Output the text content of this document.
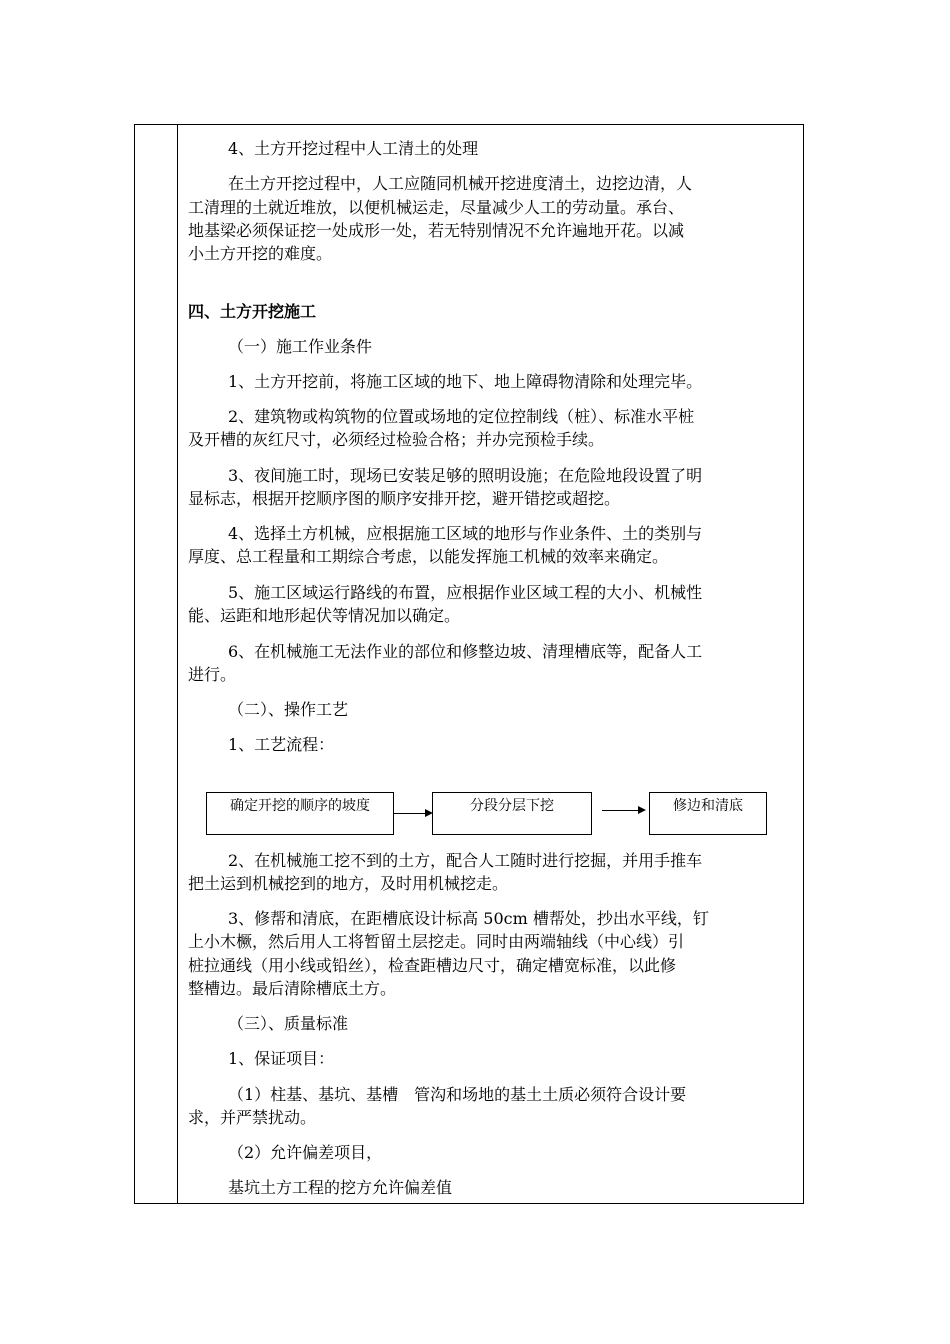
4、土方开挖过程中人工清土的处理
在土方开挖过程中，人工应随同机械开挖进度清土，边挖边清，人
工清理的土就近堆放，以便机械运走，尽量减少人工的劳动量。承台、
地基梁必须保证挖一处成形一处，若无特别情况不允许遍地开花。以减
小土方开挖的难度。
四、土方开挖施工
（一）施工作业条件
1、土方开挖前，将施工区域的地下、地上障碍物清除和处理完毕。
2、建筑物或构筑物的位置或场地的定位控制线（桩）、标准水平桩
及开槽的灰红尺寸，必须经过检验合格；并办完预检手续。
3、夜间施工时，现场已安装足够的照明设施；在危险地段设置了明
显标志，根据开挖顺序图的顺序安排开挖，避开错挖或超挖。
4、选择土方机械，应根据施工区域的地形与作业条件、土的类别与
厚度、总工程量和工期综合考虑，以能发挥施工机械的效率来确定。
5、施工区域运行路线的布置，应根据作业区域工程的大小、机械性
能、运距和地形起伏等情况加以确定。
6、在机械施工无法作业的部位和修整边坡、清理槽底等，配备人工
进行。
（二）、操作工艺
1、工艺流程：
确定开挖的顺序的坡度	分段分层下挖	修边和清底
2、在机械施工挖不到的土方，配合人工随时进行挖掘，并用手推车
把土运到机械挖到的地方，及时用机械挖走。
3、修帮和清底，在距槽底设计标高 50cm 槽帮处，抄出水平线，钉
上小木橛，然后用人工将暂留土层挖走。同时由两端轴线（中心线）引
桩拉通线（用小线或铅丝），检查距槽边尺寸，确定槽宽标准，以此修
整槽边。最后清除槽底土方。
（三）、质量标准
1、保证项目：
（1）柱基、基坑、基槽　管沟和场地的基土土质必须符合设计要
求，并严禁扰动。
（2）允许偏差项目，
基坑土方工程的挖方允许偏差值
